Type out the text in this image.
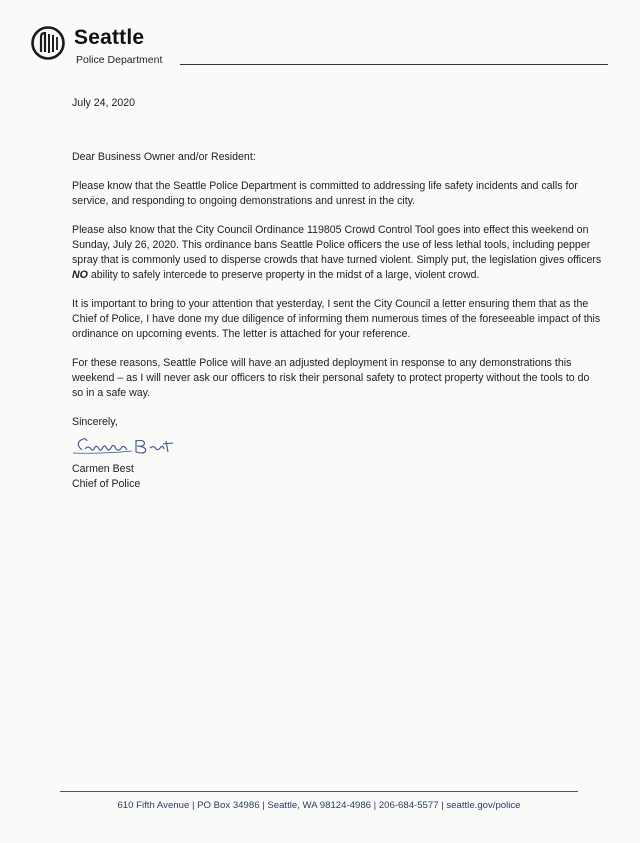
Seattle
Police Department

July 24, 2020

Dear Business Owner and/or Resident:

Please know that the Seattle Police Department is committed to addressing life safety incidents and calls for service, and responding to ongoing demonstrations and unrest in the city.

Please also know that the City Council Ordinance 119805 Crowd Control Tool goes into effect this weekend on Sunday, July 26, 2020. This ordinance bans Seattle Police officers the use of less lethal tools, including pepper spray that is commonly used to disperse crowds that have turned violent. Simply put, the legislation gives officers NO ability to safely intercede to preserve property in the midst of a large, violent crowd.

It is important to bring to your attention that yesterday, I sent the City Council a letter ensuring them that as the Chief of Police, I have done my due diligence of informing them numerous times of the foreseeable impact of this ordinance on upcoming events. The letter is attached for your reference.

For these reasons, Seattle Police will have an adjusted deployment in response to any demonstrations this weekend – as I will never ask our officers to risk their personal safety to protect property without the tools to do so in a safe way.

Sincerely,

Carmen Best
Chief of Police
610 Fifth Avenue | PO Box 34986 | Seattle, WA 98124-4986 | 206-684-5577 | seattle.gov/police
